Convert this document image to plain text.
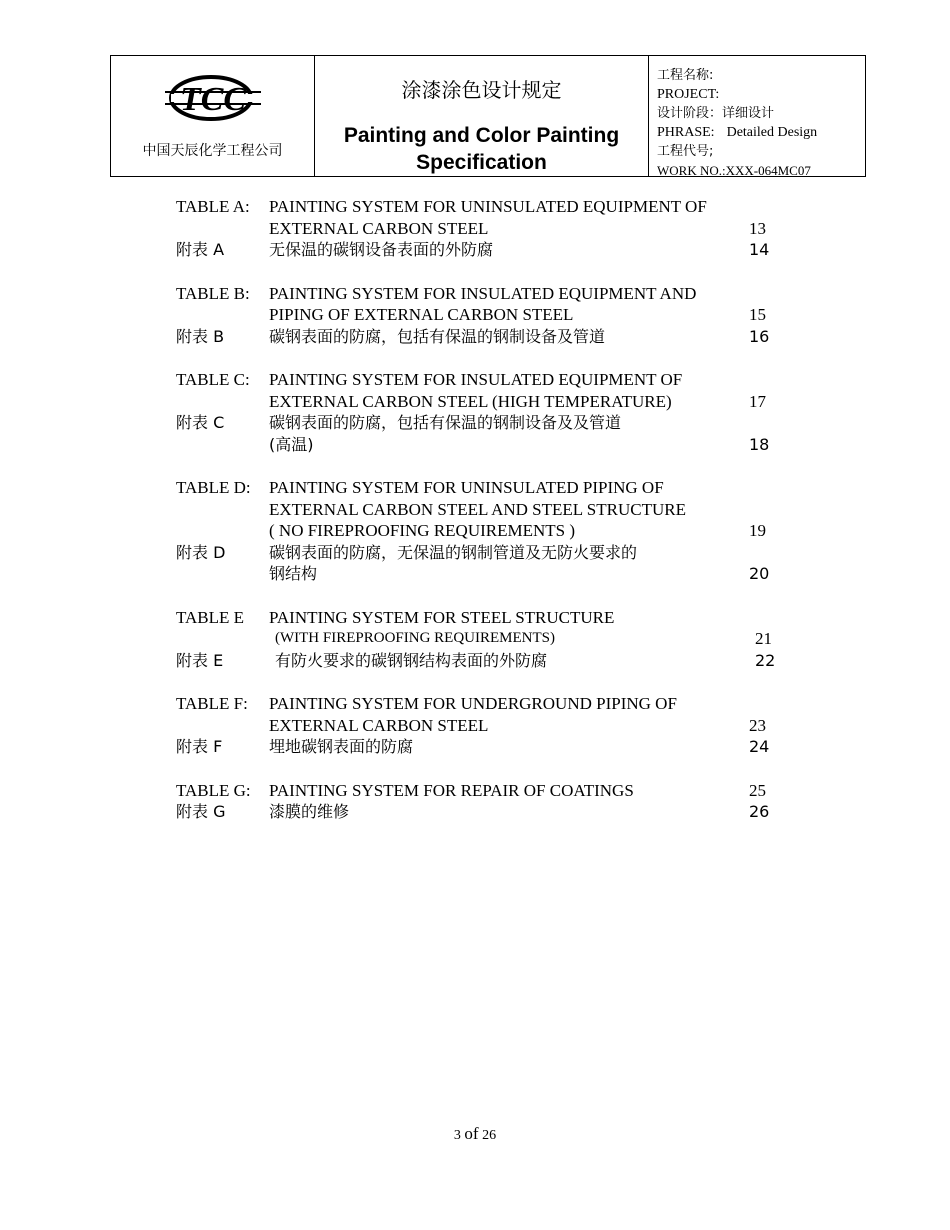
TCC
中国天辰化学工程公司
涂漆涂色设计规定
Painting and Color Painting
Specification
工程名称:
PROJECT:
设计阶段：详细设计
PHRASE: Detailed Design
工程代号;
WORK NO.:XXX-064MC07
TABLE A:	PAINTING SYSTEM FOR UNINSULATED EQUIPMENT OF
EXTERNAL CARBON STEEL	13
附表 A	无保温的碳钢设备表面的外防腐	14
TABLE B:	PAINTING SYSTEM FOR INSULATED EQUIPMENT AND
PIPING OF EXTERNAL CARBON STEEL	15
附表 B	碳钢表面的防腐，包括有保温的钢制设备及管道	16
TABLE C:	PAINTING SYSTEM FOR INSULATED EQUIPMENT OF
EXTERNAL CARBON STEEL (HIGH TEMPERATURE)	17
附表 C	碳钢表面的防腐，包括有保温的钢制设备及及管道
(高温)	18
TABLE D:	PAINTING SYSTEM FOR UNINSULATED PIPING OF
EXTERNAL CARBON STEEL AND STEEL STRUCTURE
( NO FIREPROOFING REQUIREMENTS )	19
附表 D	碳钢表面的防腐，无保温的钢制管道及无防火要求的
钢结构	20
TABLE E	PAINTING SYSTEM FOR STEEL STRUCTURE
(WITH FIREPROOFING REQUIREMENTS)	21
附表 E	有防火要求的碳钢钢结构表面的外防腐	22
TABLE F:	PAINTING SYSTEM FOR UNDERGROUND PIPING OF
EXTERNAL CARBON STEEL	23
附表 F	埋地碳钢表面的防腐	24
TABLE G:	PAINTING SYSTEM FOR REPAIR OF COATINGS	25
附表 G	漆膜的维修	26
3 of 26
